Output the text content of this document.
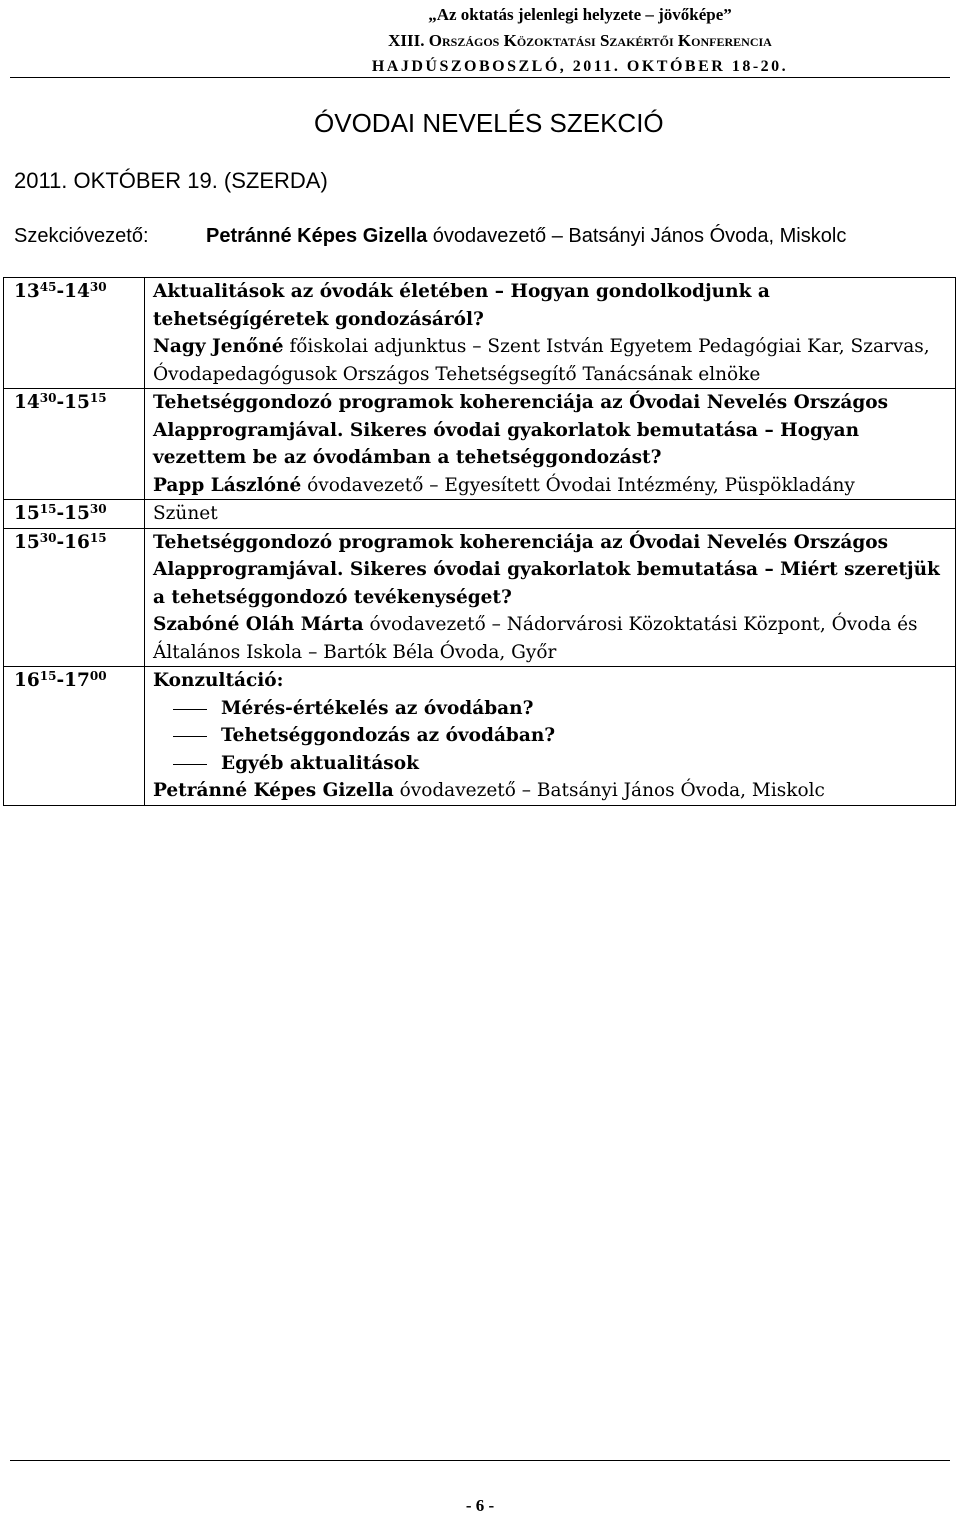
„Az oktatás jelenlegi helyzete – jövőképe”
XIII. Országos Közoktatási Szakértői Konferencia
HAJDÚSZOBOSZLÓ, 2011. OKTÓBER 18-20.
ÓVODAI NEVELÉS SZEKCIÓ
2011. OKTÓBER 19. (SZERDA)
Szekcióvezető:	Petránné Képes Gizella óvodavezető – Batsányi János Óvoda, Miskolc
$13^{45}-14^{30}$	Aktualitások az óvodák életében – Hogyan gondolkodjunk a tehetségígéretek gondozásáról?
Nagy Jenőné főiskolai adjunktus – Szent István Egyetem Pedagógiai Kar, Szarvas, Óvodapedagógusok Országos Tehetségsegítő Tanácsának elnöke

$14^{30}-15^{15}$	Tehetséggondozó programok koherenciája az Óvodai Nevelés Országos Alapprogramjával. Sikeres óvodai gyakorlatok bemutatása – Hogyan vezettem be az óvodámban a tehetséggondozást?
Papp Lászlóné óvodavezető – Egyesített Óvodai Intézmény, Püspökladány

$15^{15}-15^{30}$	Szünet

$15^{30}-16^{15}$	Tehetséggondozó programok koherenciája az Óvodai Nevelés Országos Alapprogramjával. Sikeres óvodai gyakorlatok bemutatása – Miért szeretjük a tehetséggondozó tevékenységet?
Szabóné Oláh Márta óvodavezető – Nádorvárosi Közoktatási Központ, Óvoda és Általános Iskola – Bartók Béla Óvoda, Győr

$16^{15}-17^{00}$	Konzultáció:
Mérés-értékelés az óvodában?
Tehetséggondozás az óvodában?
Egyéb aktualitások
Petránné Képes Gizella óvodavezető – Batsányi János Óvoda, Miskolc
- 6 -
